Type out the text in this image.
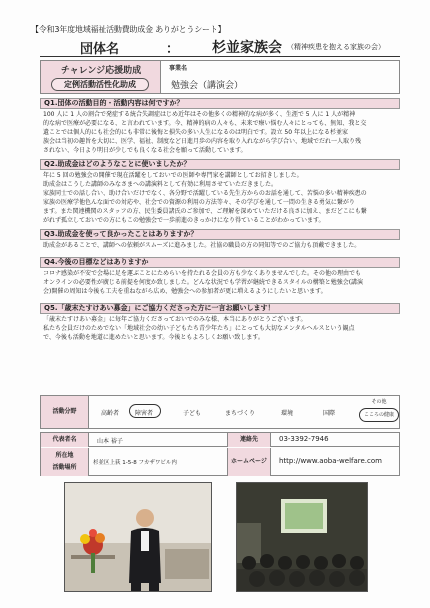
【令和3年度地域福祉活動費助成金 ありがとうシート】
団体名	： 杉並家族会 （精神疾患を抱える家族の会）
チャレンジ応援助成
定例活動活性化助成
事業名
勉強会（講演会）
Q1.団体の活動目的・活動内容は何ですか？
100 人に 1 人の割合で発症する統合失調症はじめ近年はその他多くの精神的な病が多く、生涯で 5 人に 1 人が精神
的な病で医療が必要になる、と言われています。今、精神的病の人々も、未来で療い悩む人々にとっても、無知、我と交
遺ことでは個人的にも社会的にも非常に後悔と損失の多い人生になるのは明白です。設立 50 年以上になる杉並家
族会は当初の趣旨を大切に、医学、福祉、制度など日進月歩の内容を取り入れながら学び合い、地域でだれ一人取り残
されない、今日より明日が少しでも良くなる社会を願って活動しています。
Q2.助成金はどのようなことに使いましたか？
年に 5 回の勉強会の開催で現在活躍をしておいでの医師や専門家を講師としてお招きしました。
助成金はこうした講師のみなさまへの講演料として有効に利用させていただきました。
家族同士での話し合い、助け合いだけでなく、各分野で活躍している先生方からのお話を通して、苦悩の多い精神疾患の
家族の医療学他色んな面での対応や、社会での資源の利用の方法等々、その学びを通して一問の生きる勇気に繋がり
ます。また関連機関のスタッフの方、民生委員諸氏のご参加で、ご理解を深めていただける良さに加え、まだどこにも繋
がれず孤立しておいでの方にもこの勉強会で一歩前進のきっかけになり得ていることがわかっています。
Q3.助成金を使って良かったことはありますか？
助成金があることで、講師への依頼がスムーズに進みました。社協の職員の方の同知等でのご協力も頂戴できました。
Q4.今後の目標などはありますか
コロナ感染が不安で会場に足を運ぶことにためらいを持たれる会員の方も少なくありませんでした。その他の理由でも
オンラインの必要性が廣じる前提を何度か致しました。どんな状況でも学習が継続できるスタイルの構築と勉強会(講演
会)開催の周知は今後も工夫を重ねながら広め、勉強会への参加者が更に増えるようにしたいと思います。
Q5.「歳末たすけあい募金」にご協力くださった方に一言お願いします！
「歳末たすけあい募金」に毎年ご協力くださっておいでのみな様、本当にありがとうございます。
私たち会員だけのためでない「地域社会の幼い子どもたち青少年たち」にとっても大切なメンタルヘルスという観点
で、今後も活動を地道に進めたいと思います。今後ともよろしくお願い致します。
活動分野	高齢者	障害者	子ども	まちづくり	環境	国際
その他
こころの健康
代表者名	山本 裕子	連絡先	03-3392-7946
所在地
活動場所
杉並区上荻 1-5-8 フカザワビル内	ホームページ	http://www.aoba-welfare.com
